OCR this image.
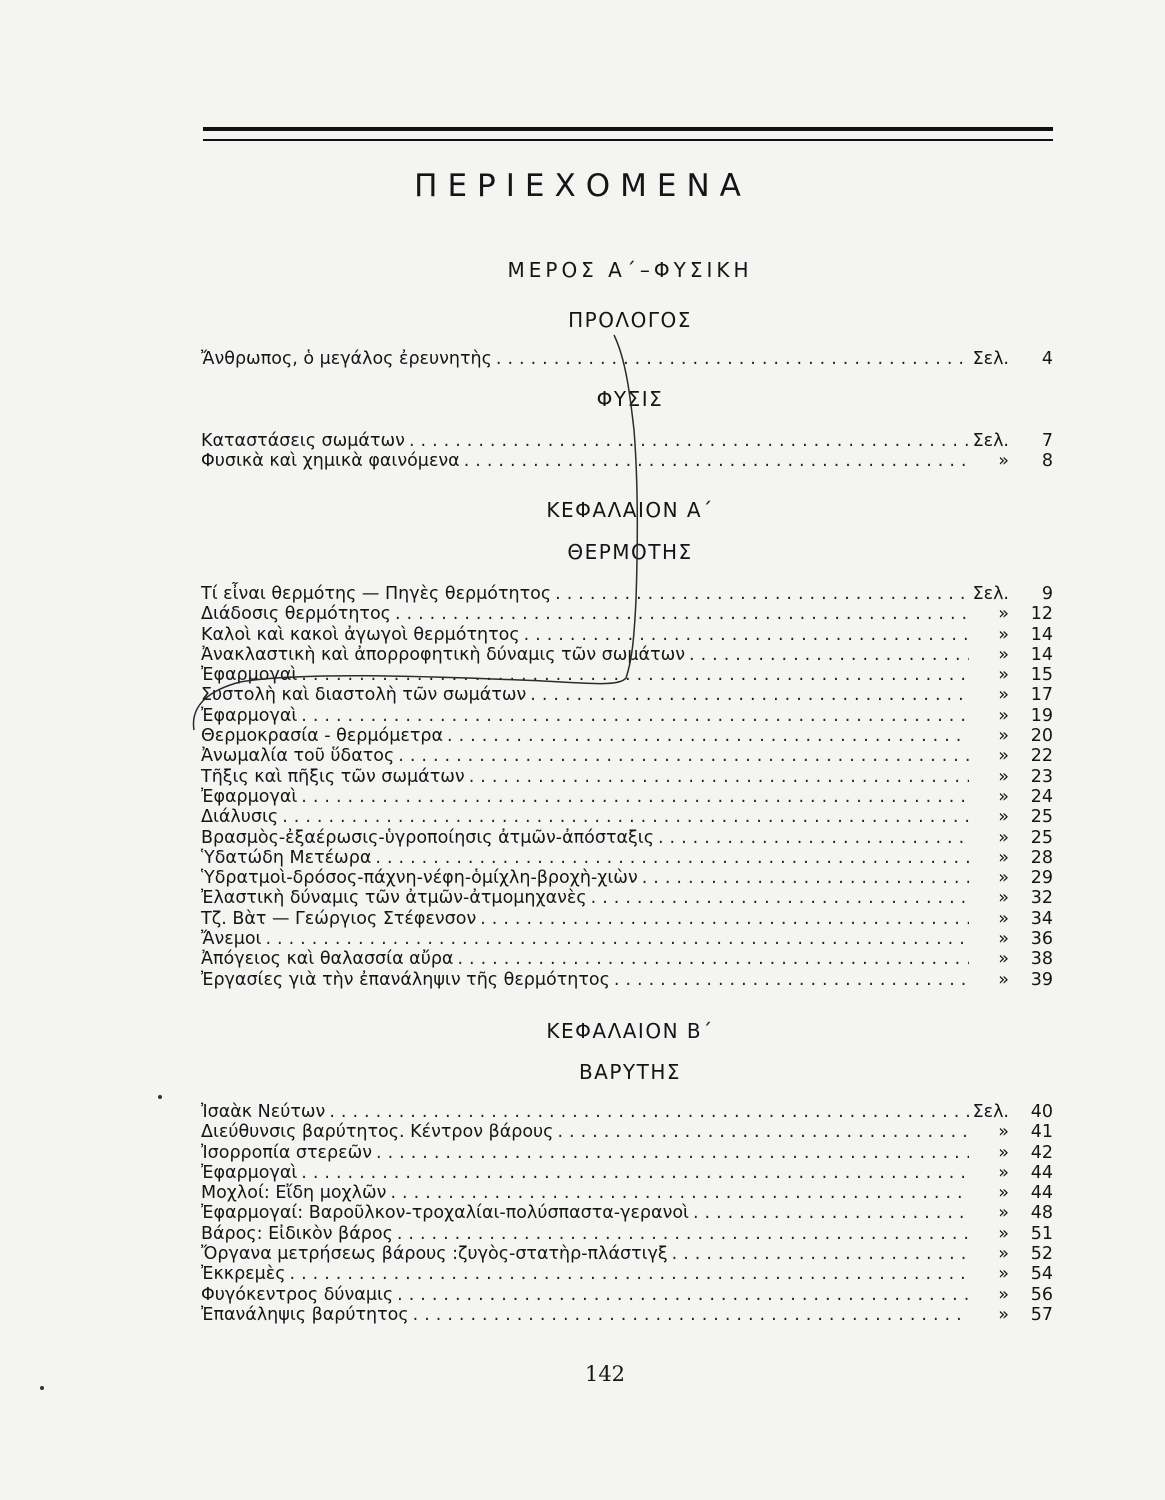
ΠΕΡΙΕΧΟΜΕΝΑ
ΜΕΡΟΣ Α΄–ΦΥΣΙΚΗ
ΠΡΟΛΟΓΟΣ
Ἄνθρωπος, ὁ μεγάλος ἐρευνητὴς .....	Σελ.	4
ΦΥΣΙΣ
Καταστάσεις σωμάτων .....	Σελ.	7
Φυσικὰ καὶ χημικὰ φαινόμενα .....	»	8
ΚΕΦΑΛΑΙΟΝ Α΄
ΘΕΡΜΟΤΗΣ
Τί εἶναι θερμότης — Πηγὲς θερμότητος .....	Σελ.	9
Διάδοσις θερμότητος .....	»	12
Καλοὶ καὶ κακοὶ ἀγωγοὶ θερμότητος .....	»	14
Ἀνακλαστικὴ καὶ ἀπορροφητικὴ δύναμις τῶν σωμάτων .....	»	14
Ἐφαρμογαὶ .....	»	15
Συστολὴ καὶ διαστολὴ τῶν σωμάτων .....	»	17
Ἐφαρμογαὶ .....	»	19
Θερμοκρασία - θερμόμετρα .....	»	20
Ἀνωμαλία τοῦ ὕδατος .....	»	22
Τῆξις καὶ πῆξις τῶν σωμάτων .....	»	23
Ἐφαρμογαὶ .....	»	24
Διάλυσις .....	»	25
Βρασμὸς-ἐξαέρωσις-ὑγροποίησις ἀτμῶν-ἀπόσταξις .....	»	25
Ὑδατώδη Μετέωρα .....	»	28
Ὑδρατμοὶ-δρόσος-πάχνη-νέφη-ὁμίχλη-βροχὴ-χιὼν .....	»	29
Ἐλαστικὴ δύναμις τῶν ἀτμῶν-ἀτμομηχανὲς .....	»	32
Τζ. Βὰτ — Γεώργιος Στέφενσον .....	»	34
Ἄνεμοι .....	»	36
Ἀπόγειος καὶ θαλασσία αὔρα .....	»	38
Ἐργασίες γιὰ τὴν ἐπανάληψιν τῆς θερμότητος .....	»	39
ΚΕΦΑΛΑΙΟΝ Β΄
ΒΑΡΥΤΗΣ
Ἰσαὰκ Νεύτων .....	Σελ.	40
Διεύθυνσις βαρύτητος. Κέντρον βάρους .....	»	41
Ἰσορροπία στερεῶν .....	»	42
Ἐφαρμογαὶ .....	»	44
Μοχλοί: Εἴδη μοχλῶν .....	»	44
Ἐφαρμογαί: Βαροῦλκον-τροχαλίαι-πολύσπαστα-γερανοὶ .....	»	48
Βάρος: Εἰδικὸν βάρος .....	»	51
Ὄργανα μετρήσεως βάρους :ζυγὸς-στατὴρ-πλάστιγξ .....	»	52
Ἐκκρεμὲς .....	»	54
Φυγόκεντρος δύναμις .....	»	56
Ἐπανάληψις βαρύτητος .....	»	57
142
